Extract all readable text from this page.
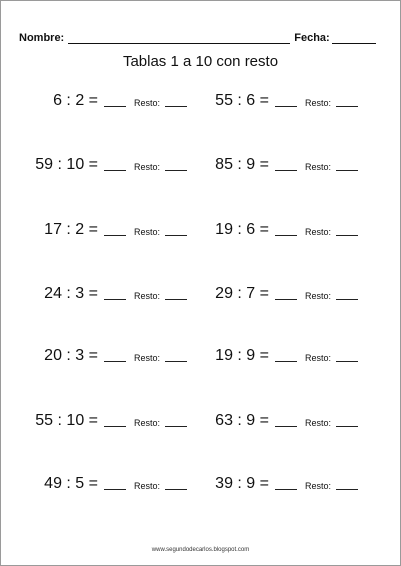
Nombre:	Fecha:
Tablas 1 a 10 con resto
6 : 2 =	Resto:	55 : 6 =	Resto:
59 : 10 =	Resto:	85 : 9 =	Resto:
17 : 2 =	Resto:	19 : 6 =	Resto:
24 : 3 =	Resto:	29 : 7 =	Resto:
20 : 3 =	Resto:	19 : 9 =	Resto:
55 : 10 =	Resto:	63 : 9 =	Resto:
49 : 5 =	Resto:	39 : 9 =	Resto:
www.segundodecarlos.blogspot.com
